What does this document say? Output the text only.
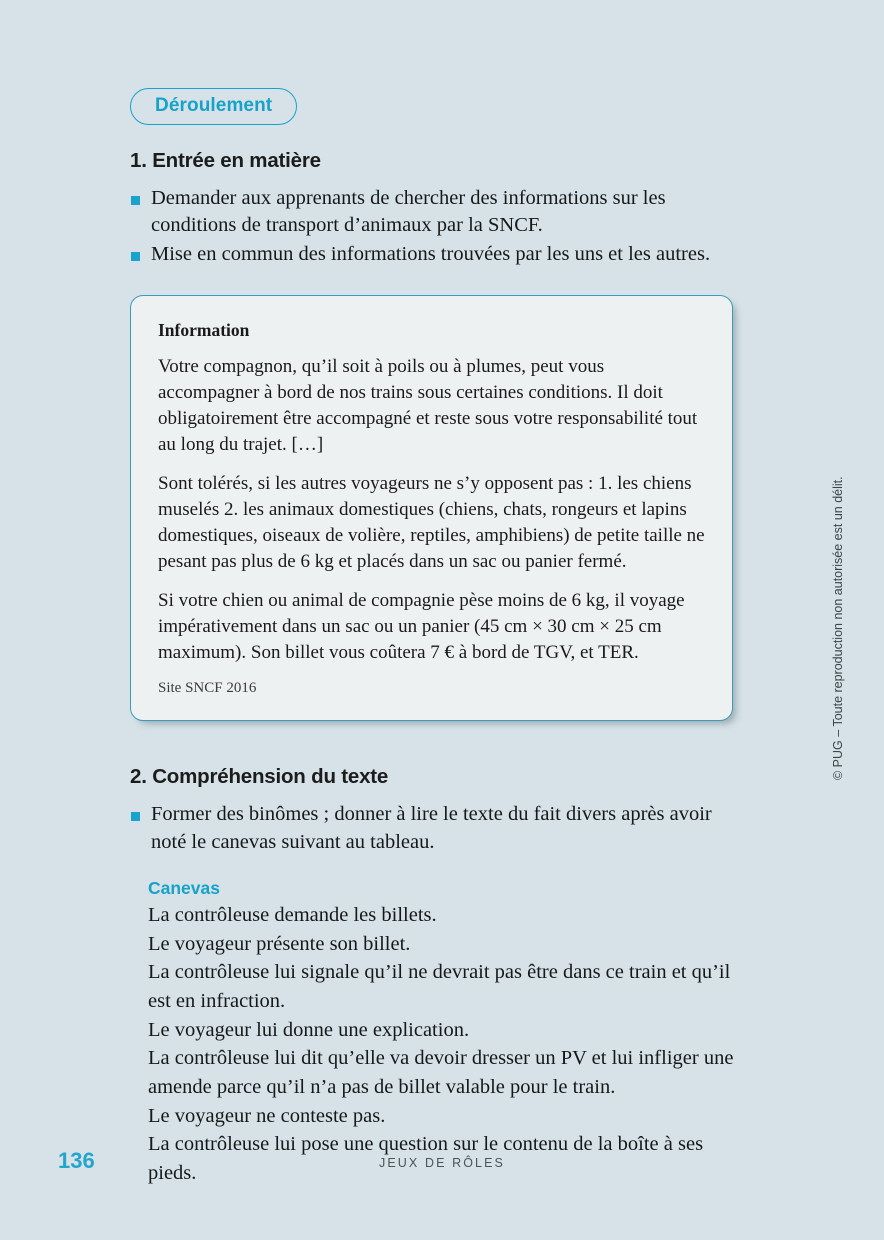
Déroulement
1. Entrée en matière
Demander aux apprenants de chercher des informations sur les conditions de transport d’animaux par la SNCF.
Mise en commun des informations trouvées par les uns et les autres.
Information

Votre compagnon, qu’il soit à poils ou à plumes, peut vous accompagner à bord de nos trains sous certaines conditions. Il doit obligatoirement être accompagné et reste sous votre responsabilité tout au long du trajet. […]

Sont tolérés, si les autres voyageurs ne s’y opposent pas : 1. les chiens muselés 2. les animaux domestiques (chiens, chats, rongeurs et lapins domestiques, oiseaux de volière, reptiles, amphibiens) de petite taille ne pesant pas plus de 6 kg et placés dans un sac ou panier fermé.

Si votre chien ou animal de compagnie pèse moins de 6 kg, il voyage impérativement dans un sac ou un panier (45 cm × 30 cm × 25 cm maximum). Son billet vous coûtera 7 € à bord de TGV, et TER.

Site SNCF 2016

2. Compréhension du texte
Former des binômes ; donner à lire le texte du fait divers après avoir noté le canevas suivant au tableau.
Canevas

La contrôleuse demande les billets.

Le voyageur présente son billet.

La contrôleuse lui signale qu’il ne devrait pas être dans ce train et qu’il est en infraction.

Le voyageur lui donne une explication.

La contrôleuse lui dit qu’elle va devoir dresser un PV et lui infliger une amende parce qu’il n’a pas de billet valable pour le train.

Le voyageur ne conteste pas.

La contrôleuse lui pose une question sur le contenu de la boîte à ses pieds.

136	JEUX DE RÔLES
© PUG – Toute reproduction non autorisée est un délit.
